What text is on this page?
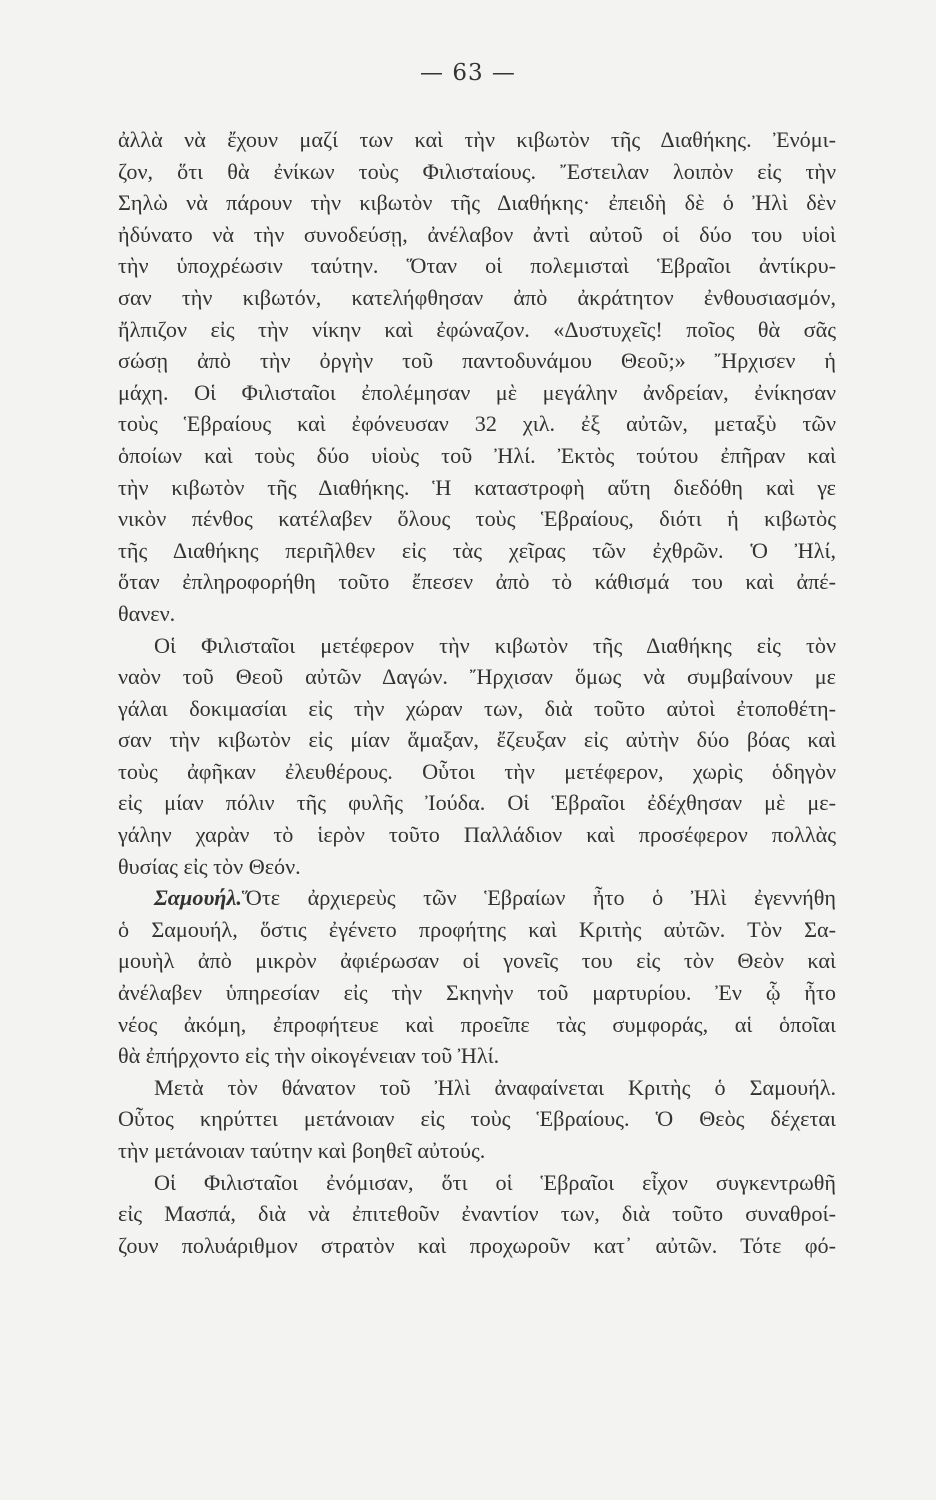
— 63 —
ἀλλὰ νὰ ἔχουν μαζί των καὶ τὴν κιβωτὸν τῆς Διαθήκης. Ἐνόμι-
ζον, ὅτι θὰ ἐνίκων τοὺς Φιλισταίους. Ἔστειλαν λοιπὸν εἰς τὴν
Σηλὼ νὰ πάρουν τὴν κιβωτὸν τῆς Διαθήκης· ἐπειδὴ δὲ ὁ Ἠλὶ δὲν
ἠδύνατο νὰ τὴν συνοδεύσῃ, ἀνέλαβον ἀντὶ αὐτοῦ οἱ δύο του υἱοὶ
τὴν ὑποχρέωσιν ταύτην. Ὅταν οἱ πολεμισταὶ Ἑβραῖοι ἀντίκρυ-
σαν τὴν κιβωτόν, κατελήφθησαν ἀπὸ ἀκράτητον ἐνθουσιασμόν,
ἤλπιζον εἰς τὴν νίκην καὶ ἐφώναζον. «Δυστυχεῖς! ποῖος θὰ σᾶς
σώσῃ ἀπὸ τὴν ὀργὴν τοῦ παντοδυνάμου Θεοῦ;» Ἤρχισεν ἡ
μάχη. Οἱ Φιλισταῖοι ἐπολέμησαν μὲ μεγάλην ἀνδρείαν, ἐνίκησαν
τοὺς Ἑβραίους καὶ ἐφόνευσαν 32 χιλ. ἐξ αὐτῶν, μεταξὺ τῶν
ὁποίων καὶ τοὺς δύο υἱοὺς τοῦ Ἠλί. Ἐκτὸς τούτου ἐπῆραν καὶ
τὴν κιβωτὸν τῆς Διαθήκης. Ἡ καταστροφὴ αὕτη διεδόθη καὶ γε
νικὸν πένθος κατέλαβεν ὅλους τοὺς Ἑβραίους, διότι ἡ κιβωτὸς
τῆς Διαθήκης περιῆλθεν εἰς τὰς χεῖρας τῶν ἐχθρῶν. Ὁ Ἠλί,
ὅταν ἐπληροφορήθη τοῦτο ἔπεσεν ἀπὸ τὸ κάθισμά του καὶ ἀπέ-
θανεν.
Οἱ Φιλισταῖοι μετέφερον τὴν κιβωτὸν τῆς Διαθήκης εἰς τὸν
ναὸν τοῦ Θεοῦ αὐτῶν Δαγών. Ἤρχισαν ὅμως νὰ συμβαίνουν με
γάλαι δοκιμασίαι εἰς τὴν χώραν των, διὰ τοῦτο αὐτοὶ ἐτοποθέτη-
σαν τὴν κιβωτὸν εἰς μίαν ἅμαξαν, ἔζευξαν εἰς αὐτὴν δύο βόας καὶ
τοὺς ἀφῆκαν ἐλευθέρους. Οὗτοι τὴν μετέφερον, χωρὶς ὁδηγὸν
εἰς μίαν πόλιν τῆς φυλῆς Ἰούδα. Οἱ Ἑβραῖοι ἐδέχθησαν μὲ με-
γάλην χαρὰν τὸ ἱερὸν τοῦτο Παλλάδιον καὶ προσέφερον πολλὰς
θυσίας εἰς τὸν Θεόν.
Σαμουήλ.Ὅτε ἀρχιερεὺς τῶν Ἑβραίων ἦτο ὁ Ἠλὶ ἐγεννήθη
ὁ Σαμουήλ, ὅστις ἐγένετο προφήτης καὶ Κριτὴς αὐτῶν. Τὸν Σα-
μουὴλ ἀπὸ μικρὸν ἀφιέρωσαν οἱ γονεῖς του εἰς τὸν Θεὸν καὶ
ἀνέλαβεν ὑπηρεσίαν εἰς τὴν Σκηνὴν τοῦ μαρτυρίου. Ἐν ᾧ ἦτο
νέος ἀκόμη, ἐπροφήτευε καὶ προεῖπε τὰς συμφοράς, αἱ ὁποῖαι
θὰ ἐπήρχοντο εἰς τὴν οἰκογένειαν τοῦ Ἠλί.
Μετὰ τὸν θάνατον τοῦ Ἠλὶ ἀναφαίνεται Κριτὴς ὁ Σαμουήλ.
Οὗτος κηρύττει μετάνοιαν εἰς τοὺς Ἑβραίους. Ὁ Θεὸς δέχεται
τὴν μετάνοιαν ταύτην καὶ βοηθεῖ αὐτούς.
Οἱ Φιλισταῖοι ἐνόμισαν, ὅτι οἱ Ἑβραῖοι εἶχον συγκεντρωθῆ
εἰς Μασπά, διὰ νὰ ἐπιτεθοῦν ἐναντίον των, διὰ τοῦτο συναθροί-
ζουν πολυάριθμον στρατὸν καὶ προχωροῦν κατ᾽ αὐτῶν. Τότε φό-
